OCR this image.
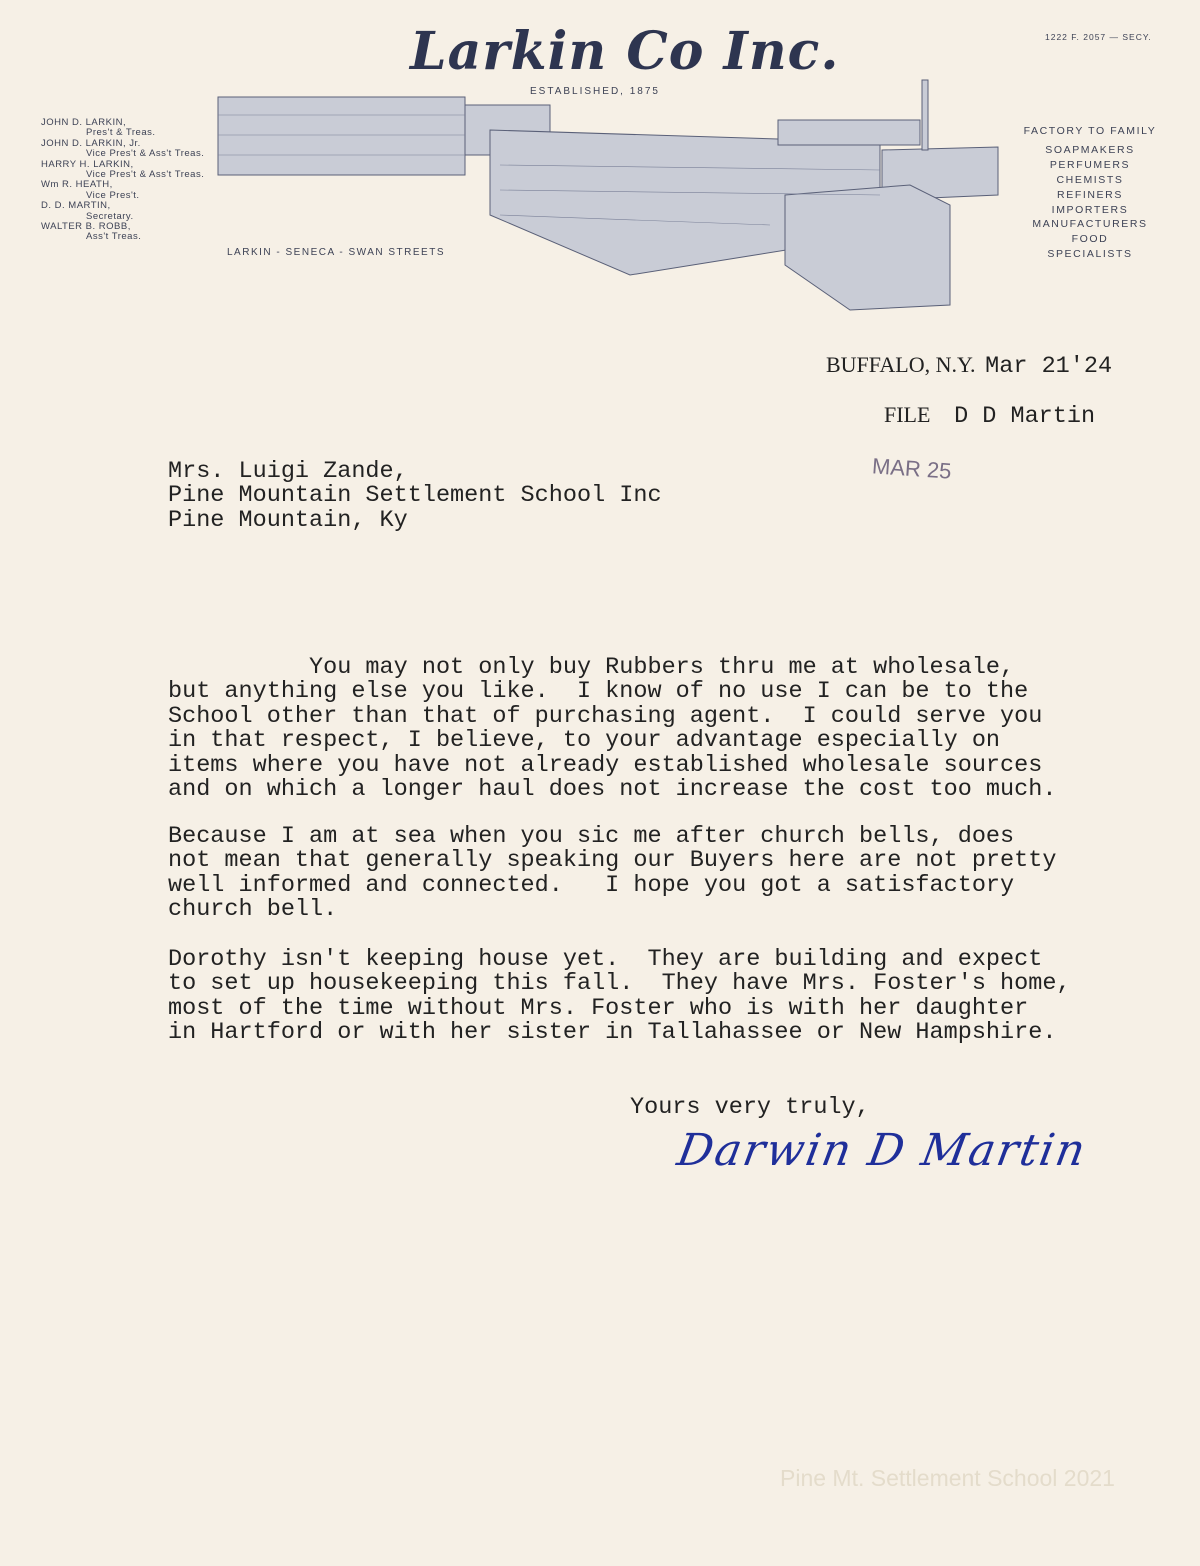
Larkin Co Inc.
ESTABLISHED, 1875
1222 F. 2057 — SECY.
JOHN D. LARKIN,
Pres't & Treas.
JOHN D. LARKIN, Jr.
Vice Pres't & Ass't Treas.
HARRY H. LARKIN,
Vice Pres't & Ass't Treas.
Wm R. HEATH,
Vice Pres't.
D. D. MARTIN,
Secretary.
WALTER B. ROBB,
Ass't Treas.
LARKIN - SENECA - SWAN STREETS
FACTORY TO FAMILY
SOAPMAKERS
PERFUMERS
CHEMISTS
REFINERS
IMPORTERS
MANUFACTURERS
FOOD
SPECIALISTS
BUFFALO, N.Y. Mar 21'24
FILE D D Martin
MAR 25
Mrs. Luigi Zande,
Pine Mountain Settlement School Inc
Pine Mountain, Ky
You may not only buy Rubbers thru me at wholesale,
but anything else you like.  I know of no use I can be to the
School other than that of purchasing agent.  I could serve you
in that respect, I believe, to your advantage especially on
items where you have not already established wholesale sources
and on which a longer haul does not increase the cost too much.
Because I am at sea when you sic me after church bells, does
not mean that generally speaking our Buyers here are not pretty
well informed and connected.   I hope you got a satisfactory
church bell.
Dorothy isn't keeping house yet.  They are building and expect
to set up housekeeping this fall.  They have Mrs. Foster's home,
most of the time without Mrs. Foster who is with her daughter
in Hartford or with her sister in Tallahassee or New Hampshire.
Yours very truly,
Darwin D Martin
Pine Mt. Settlement School 2021
